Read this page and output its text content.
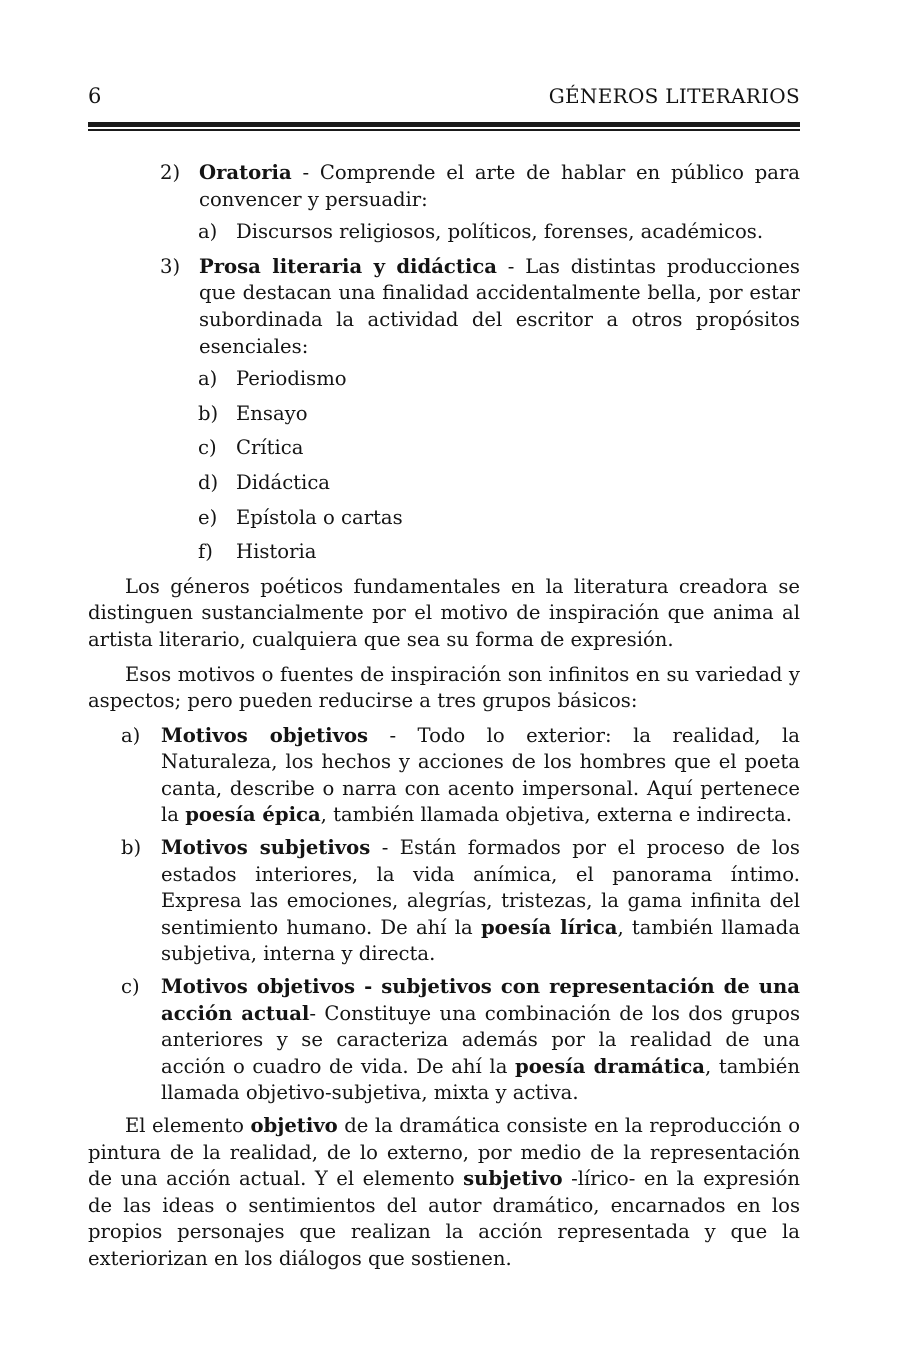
6	GÉNEROS LITERARIOS
2) Oratoria - Comprende el arte de hablar en público para convencer y persuadir:
a) Discursos religiosos, políticos, forenses, académicos.
3) Prosa literaria y didáctica - Las distintas producciones que destacan una finalidad accidentalmente bella, por estar subordinada la actividad del escritor a otros propósitos esenciales:
a) Periodismo
b) Ensayo
c) Crítica
d) Didáctica
e) Epístola o cartas
f) Historia

Los géneros poéticos fundamentales en la literatura creadora se distinguen sustancialmente por el motivo de inspiración que anima al artista literario, cualquiera que sea su forma de expresión.

Esos motivos o fuentes de inspiración son infinitos en su variedad y aspectos; pero pueden reducirse a tres grupos básicos:

a) Motivos objetivos - Todo lo exterior: la realidad, la Naturaleza, los hechos y acciones de los hombres que el poeta canta, describe o narra con acento impersonal. Aquí pertenece la poesía épica, también llamada objetiva, externa e indirecta.
b) Motivos subjetivos - Están formados por el proceso de los estados interiores, la vida anímica, el panorama íntimo. Expresa las emociones, alegrías, tristezas, la gama infinita del sentimiento humano. De ahí la poesía lírica, también llamada subjetiva, interna y directa.
c) Motivos objetivos - subjetivos con representación de una acción actual- Constituye una combinación de los dos grupos anteriores y se caracteriza además por la realidad de una acción o cuadro de vida. De ahí la poesía dramática, también llamada objetivo-subjetiva, mixta y activa.

El elemento objetivo de la dramática consiste en la reproducción o pintura de la realidad, de lo externo, por medio de la representación de una acción actual. Y el elemento subjetivo -lírico- en la expresión de las ideas o sentimientos del autor dramático, encarnados en los propios personajes que realizan la acción representada y que la exteriorizan en los diálogos que sostienen.
